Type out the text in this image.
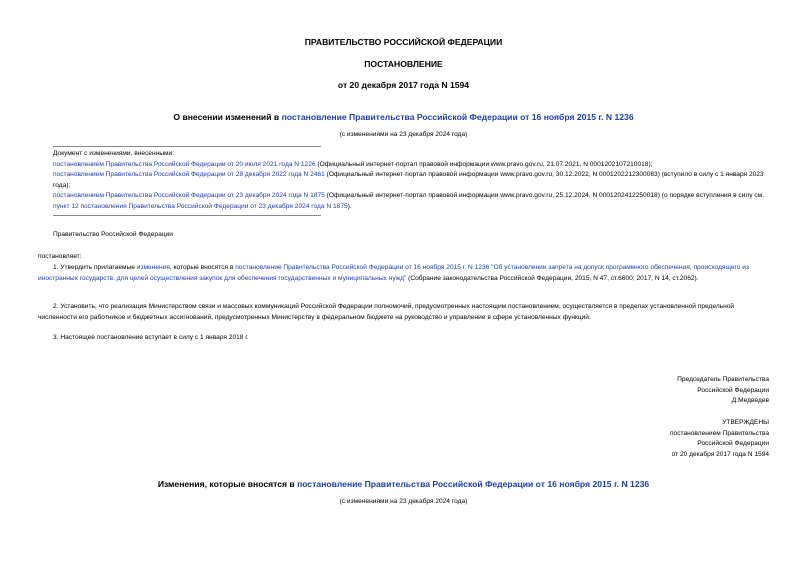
ПРАВИТЕЛЬСТВО РОССИЙСКОЙ ФЕДЕРАЦИИ
ПОСТАНОВЛЕНИЕ
от 20 декабря 2017 года N 1594
О внесении изменений в постановление Правительства Российской Федерации от 16 ноября 2015 г. N 1236
(с изменениями на 23 декабря 2024 года)
Документ с изменениями, внесенными:
постановлением Правительства Российской Федерации от 20 июля 2021 года N 1226 (Официальный интернет-портал правовой информации www.pravo.gov.ru, 21.07.2021, N 0001202107210018);
постановлением Правительства Российской Федерации от 28 декабря 2022 года N 2461 (Официальный интернет-портал правовой информации www.pravo.gov.ru, 30.12.2022, N 0001202212300083) (вступило в силу с 1 января 2023 года);
постановлением Правительства Российской Федерации от 23 декабря 2024 года N 1875 (Официальный интернет-портал правовой информации www.pravo.gov.ru, 25.12.2024, N 0001202412250018) (о порядке вступления в силу см. пункт 12 постановления Правительства Российской Федерации от 23 декабря 2024 года N 1875).
Правительство Российской Федерации
постановляет:
1. Утвердить прилагаемые изменения, которые вносятся в постановление Правительства Российской Федерации от 16 ноября 2015 г. N 1236 "Об установлении запрета на допуск программного обеспечения, происходящего из иностранных государств, для целей осуществления закупок для обеспечения государственных и муниципальных нужд" (Собрание законодательства Российской Федерации, 2015, N 47, ст.6600; 2017, N 14, ст.2062).
2. Установить, что реализация Министерством связи и массовых коммуникаций Российской Федерации полномочий, предусмотренных настоящим постановлением, осуществляется в пределах установленной предельной численности его работников и бюджетных ассигнований, предусмотренных Министерству в федеральном бюджете на руководство и управление в сфере установленных функций.
3. Настоящее постановление вступает в силу с 1 января 2018 г.
Председатель Правительства
Российской Федерации
Д.Медведев
УТВЕРЖДЕНЫ
постановлением Правительства
Российской Федерации
от 20 декабря 2017 года N 1594
Изменения, которые вносятся в постановление Правительства Российской Федерации от 16 ноября 2015 г. N 1236
(с изменениями на 23 декабря 2024 года)
